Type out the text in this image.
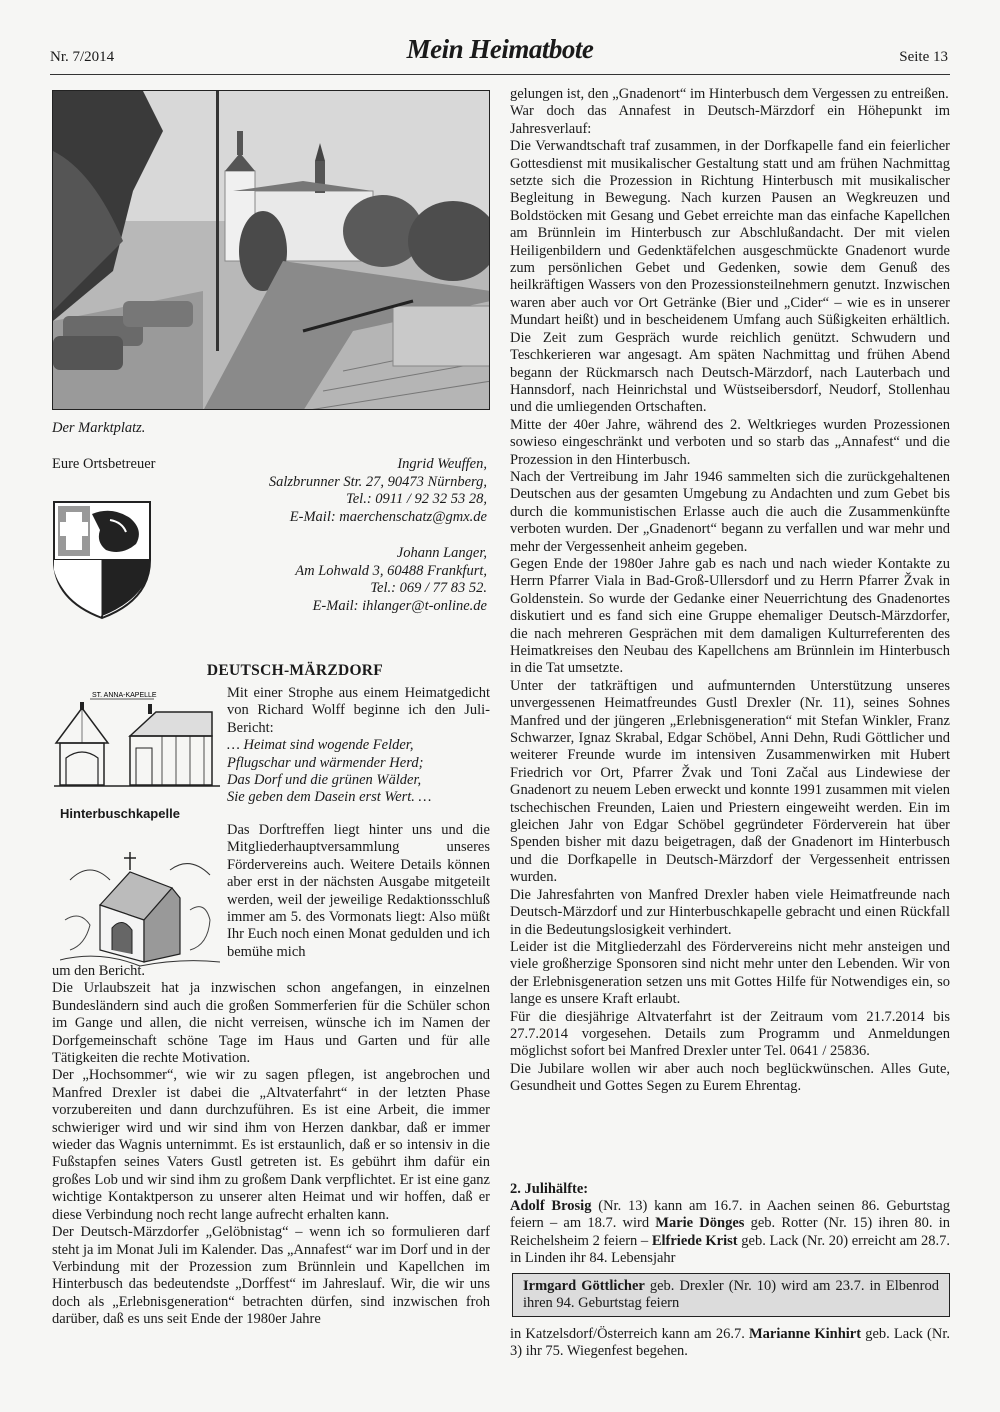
Nr. 7/2014	Mein Heimatbote	Seite 13
Der Marktplatz.
Eure Ortsbetreuer	Ingrid Weuffen,
Salzbrunner Str. 27, 90473 Nürnberg,
Tel.: 0911 / 92 32 53 28,
E-Mail: maerchenschatz@gmx.de
Johann Langer,
Am Lohwald 3, 60488 Frankfurt,
Tel.: 069 / 77 83 52.
E-Mail: ihlanger@t-online.de
DEUTSCH-MÄRZDORF
ST. ANNA-KAPELLE
Hinterbuschkapelle
Mit einer Strophe aus einem Heimatgedicht von Richard Wolff beginne ich den Juli-Bericht:
… Heimat sind wogende Felder,
Pflugschar und wärmender Herd;
Das Dorf und die grünen Wälder,
Sie geben dem Dasein erst Wert. …
Das Dorftreffen liegt hinter uns und die Mitgliederhauptversammlung unseres Fördervereins auch. Weitere Details können aber erst in der nächsten Ausgabe mitgeteilt werden, weil der jeweilige Redaktionsschluß immer am 5. des Vormonats liegt: Also müßt Ihr Euch noch einen Monat gedulden und ich bemühe mich

um den Bericht.

Die Urlaubszeit hat ja inzwischen schon angefangen, in einzelnen Bundesländern sind auch die großen Sommerferien für die Schüler schon im Gange und allen, die nicht verreisen, wünsche ich im Namen der Dorfgemeinschaft schöne Tage im Haus und Garten und für alle Tätigkeiten die rechte Motivation.

Der „Hochsommer“, wie wir zu sagen pflegen, ist angebrochen und Manfred Drexler ist dabei die „Altvaterfahrt“ in der letzten Phase vorzubereiten und dann durchzuführen. Es ist eine Arbeit, die immer schwieriger wird und wir sind ihm von Herzen dankbar, daß er immer wieder das Wagnis unternimmt. Es ist erstaunlich, daß er so intensiv in die Fußstapfen seines Vaters Gustl getreten ist. Es gebührt ihm dafür ein großes Lob und wir sind ihm zu großem Dank verpflichtet. Er ist eine ganz wichtige Kontaktperson zu unserer alten Heimat und wir hoffen, daß er diese Verbindung noch recht lange aufrecht erhalten kann.

Der Deutsch-Märzdorfer „Gelöbnistag“ – wenn ich so formulieren darf steht ja im Monat Juli im Kalender. Das „Annafest“ war im Dorf und in der Verbindung mit der Prozession zum Brünnlein und Kapellchen im Hinterbusch das bedeutendste „Dorffest“ im Jahreslauf. Wir, die wir uns doch als „Erlebnisgeneration“ betrachten dürfen, sind inzwischen froh darüber, daß es uns seit Ende der 1980er Jahre

gelungen ist, den „Gnadenort“ im Hinterbusch dem Vergessen zu entreißen.

War doch das Annafest in Deutsch-Märzdorf ein Höhepunkt im Jahresverlauf:

Die Verwandtschaft traf zusammen, in der Dorfkapelle fand ein feierlicher Gottesdienst mit musikalischer Gestaltung statt und am frühen Nachmittag setzte sich die Prozession in Richtung Hinterbusch mit musikalischer Begleitung in Bewegung. Nach kurzen Pausen an Wegkreuzen und Boldstöcken mit Gesang und Gebet erreichte man das einfache Kapellchen am Brünnlein im Hinterbusch zur Abschlußandacht. Der mit vielen Heiligenbildern und Gedenktäfelchen ausgeschmückte Gnadenort wurde zum persönlichen Gebet und Gedenken, sowie dem Genuß des heilkräftigen Wassers von den Prozessionsteilnehmern genutzt. Inzwischen waren aber auch vor Ort Getränke (Bier und „Cider“ – wie es in unserer Mundart heißt) und in bescheidenem Umfang auch Süßigkeiten erhältlich. Die Zeit zum Gespräch wurde reichlich genützt. Schwudern und Teschkerieren war angesagt. Am späten Nachmittag und frühen Abend begann der Rückmarsch nach Deutsch-Märzdorf, nach Lauterbach und Hannsdorf, nach Heinrichstal und Wüstseibersdorf, Neudorf, Stollenhau und die umliegenden Ortschaften.

Mitte der 40er Jahre, während des 2. Weltkrieges wurden Prozessionen sowieso eingeschränkt und verboten und so starb das „Annafest“ und die Prozession in den Hinterbusch.

Nach der Vertreibung im Jahr 1946 sammelten sich die zurückgehaltenen Deutschen aus der gesamten Umgebung zu Andachten und zum Gebet bis durch die kommunistischen Erlasse auch die auch die Zusammenkünfte verboten wurden. Der „Gnadenort“ begann zu verfallen und war mehr und mehr der Vergessenheit anheim gegeben.

Gegen Ende der 1980er Jahre gab es nach und nach wieder Kontakte zu Herrn Pfarrer Viala in Bad-Groß-Ullersdorf und zu Herrn Pfarrer Žvak in Goldenstein. So wurde der Gedanke einer Neuerrichtung des Gnadenortes diskutiert und es fand sich eine Gruppe ehemaliger Deutsch-Märzdorfer, die nach mehreren Gesprächen mit dem damaligen Kulturreferenten des Heimatkreises den Neubau des Kapellchens am Brünnlein im Hinterbusch in die Tat umsetzte.

Unter der tatkräftigen und aufmunternden Unterstützung unseres unvergessenen Heimatfreundes Gustl Drexler (Nr. 11), seines Sohnes Manfred und der jüngeren „Erlebnisgeneration“ mit Stefan Winkler, Franz Schwarzer, Ignaz Skrabal, Edgar Schöbel, Anni Dehn, Rudi Göttlicher und weiterer Freunde wurde im intensiven Zusammenwirken mit Hubert Friedrich vor Ort, Pfarrer Žvak und Toni Začal aus Lindewiese der Gnadenort zu neuem Leben erweckt und konnte 1991 zusammen mit vielen tschechischen Freunden, Laien und Priestern eingeweiht werden. Ein im gleichen Jahr von Edgar Schöbel gegründeter Förderverein hat über Spenden bisher mit dazu beigetragen, daß der Gnadenort im Hinterbusch und die Dorfkapelle in Deutsch-Märzdorf der Vergessenheit entrissen wurden.

Die Jahresfahrten von Manfred Drexler haben viele Heimatfreunde nach Deutsch-Märzdorf und zur Hinterbuschkapelle gebracht und einen Rückfall in die Bedeutungslosigkeit verhindert.

Leider ist die Mitgliederzahl des Fördervereins nicht mehr ansteigen und viele großherzige Sponsoren sind nicht mehr unter den Lebenden. Wir von der Erlebnisgeneration setzen uns mit Gottes Hilfe für Notwendiges ein, so lange es unsere Kraft erlaubt.

Für die diesjährige Altvaterfahrt ist der Zeitraum vom 21.7.2014 bis 27.7.2014 vorgesehen. Details zum Programm und Anmeldungen möglichst sofort bei Manfred Drexler unter Tel. 0641 / 25836.

Die Jubilare wollen wir aber auch noch beglückwünschen. Alles Gute, Gesundheit und Gottes Segen zu Eurem Ehrentag.

2. Julihälfte:
Adolf Brosig (Nr. 13) kann am 16.7. in Aachen seinen 86. Geburtstag feiern – am 18.7. wird Marie Dönges geb. Rotter (Nr. 15) ihren 80. in Reichelsheim 2 feiern – Elfriede Krist geb. Lack (Nr. 20) erreicht am 28.7. in Linden ihr 84. Lebensjahr
Irmgard Göttlicher geb. Drexler (Nr. 10) wird am 23.7. in Elbenrod ihren 94. Geburtstag feiern
in Katzelsdorf/Österreich kann am 26.7. Marianne Kinhirt geb. Lack (Nr. 3) ihr 75. Wiegenfest begehen.
